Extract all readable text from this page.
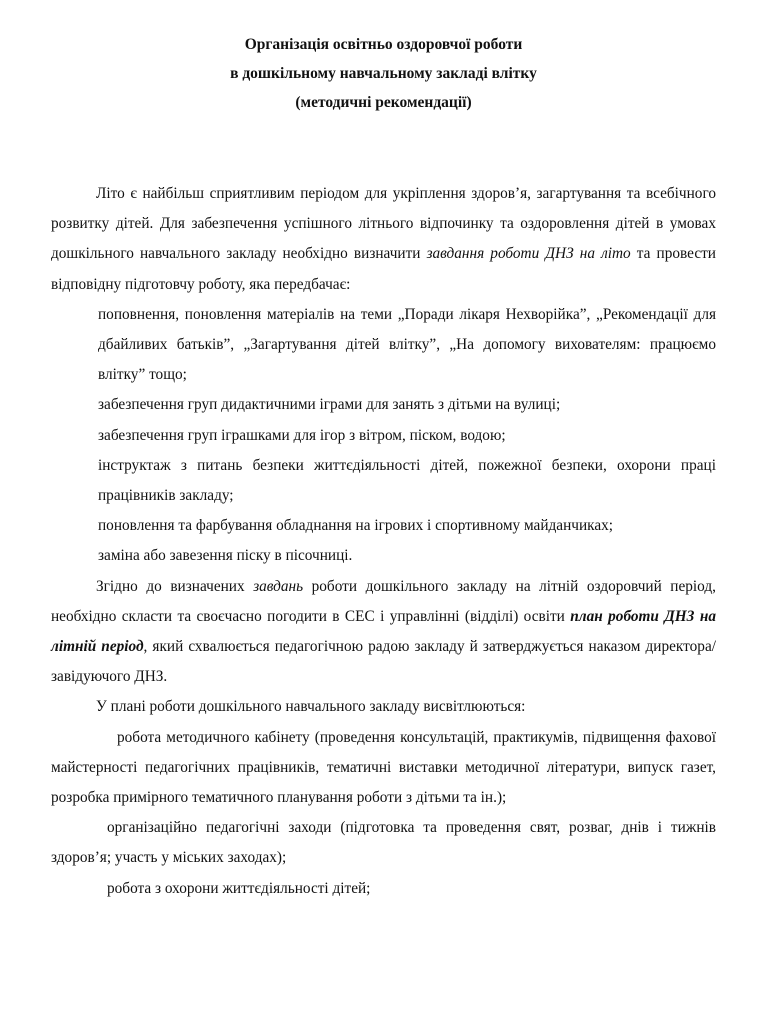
Організація освітньо оздоровчої роботи
в дошкільному навчальному закладі влітку
(методичні рекомендації)

Літо є найбільш сприятливим періодом для укріплення здоров’я, загартування та всебічного розвитку дітей. Для забезпечення успішного літнього відпочинку та оздоровлення дітей в умовах дошкільного навчального закладу необхідно визначити завдання роботи ДНЗ на літо та провести відповідну підготовчу роботу, яка передбачає:

поповнення, поновлення матеріалів на теми „Поради лікаря Нехворійка”, „Рекомендації для дбайливих батьків”, „Загартування дітей влітку”, „На допомогу вихователям: працюємо влітку” тощо;

забезпечення груп дидактичними іграми для занять з дітьми на вулиці;

забезпечення груп іграшками для ігор з вітром, піском, водою;

інструктаж з питань безпеки життєдіяльності дітей, пожежної безпеки, охорони праці працівників закладу;

поновлення та фарбування обладнання на ігрових і спортивному майданчиках;

заміна або завезення піску в пісочниці.

Згідно до визначених завдань роботи дошкільного закладу на літній оздоровчий період, необхідно скласти та своєчасно погодити в СЕС і управлінні (відділі) освіти план роботи ДНЗ на літній період, який схвалюється педагогічною радою закладу й затверджується наказом директора/ завідуючого ДНЗ.

У плані роботи дошкільного навчального закладу висвітлюються:

робота методичного кабінету (проведення консультацій, практикумів, підвищення фахової майстерності педагогічних працівників, тематичні виставки методичної літератури, випуск газет, розробка примірного тематичного планування роботи з дітьми та ін.);

організаційно педагогічні заходи (підготовка та проведення свят, розваг, днів і тижнів здоров’я; участь у міських заходах);

робота з охорони життєдіяльності дітей;
